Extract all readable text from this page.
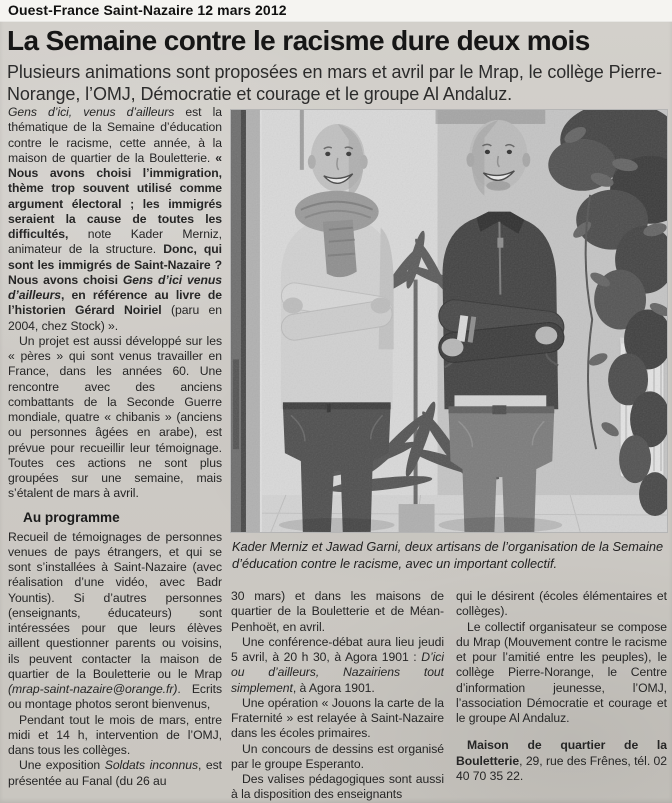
Ouest-France Saint-Nazaire 12 mars 2012
La Semaine contre le racisme dure deux mois

Plusieurs animations sont proposées en mars et avril par le Mrap, le collège Pierre-Norange, l’OMJ, Démocratie et courage et le groupe Al Andaluz.

Gens d’ici, venus d’ailleurs est la thématique de la Semaine d’éducation contre le racisme, cette année, à la maison de quartier de la Bouletterie. « Nous avons choisi l’immigration, thème trop souvent utilisé comme argument électoral ; les immigrés seraient la cause de toutes les difficultés, note Kader Merniz, animateur de la structure. Donc, qui sont les immigrés de Saint-Nazaire ? Nous avons choisi Gens d’ici venus d’ailleurs, en référence au livre de l’historien Gérard Noiriel (paru en 2004, chez Stock) ».

Un projet est aussi développé sur les « pères » qui sont venus travailler en France, dans les années 60. Une rencontre avec des anciens combattants de la Seconde Guerre mondiale, quatre « chibanis » (anciens ou personnes âgées en arabe), est prévue pour recueillir leur témoignage. Toutes ces actions ne sont plus groupées sur une semaine, mais s’étalent de mars à avril.

Au programme

Recueil de témoignages de personnes venues de pays étrangers, et qui se sont s’installées à Saint-Nazaire (avec réalisation d’une vidéo, avec Badr Yountis). Si d’autres personnes (enseignants, éducateurs) sont intéressées pour que leurs élèves aillent questionner parents ou voisins, ils peuvent contacter la maison de quartier de la Bouletterie ou le Mrap (mrap-saint-nazaire@orange.fr). Ecrits ou montage photos seront bienvenus,

Pendant tout le mois de mars, entre midi et 14 h, intervention de l’OMJ, dans tous les collèges.

Une exposition Soldats inconnus, est présentée au Fanal (du 26 au

Kader Merniz et Jawad Garni, deux artisans de l’organisation de la Semaine d’éducation contre le racisme, avec un important collectif.

30 mars) et dans les maisons de quartier de la Bouletterie et de Méan-Penhoët, en avril.

Une conférence-débat aura lieu jeudi 5 avril, à 20 h 30, à Agora 1901 : D’ici ou d’ailleurs, Nazairiens tout simplement, à Agora 1901.

Une opération « Jouons la carte de la Fraternité » est relayée à Saint-Nazaire dans les écoles primaires.

Un concours de dessins est organisé par le groupe Esperanto.

Des valises pédagogiques sont aussi à la disposition des enseignants

qui le désirent (écoles élémentaires et collèges).

Le collectif organisateur se compose du Mrap (Mouvement contre le racisme et pour l’amitié entre les peuples), le collège Pierre-Norange, le Centre d’information jeunesse, l’OMJ, l’association Démocratie et courage et le groupe Al Andaluz.

Maison de quartier de la Bouletterie, 29, rue des Frênes, tél. 02 40 70 35 22.
